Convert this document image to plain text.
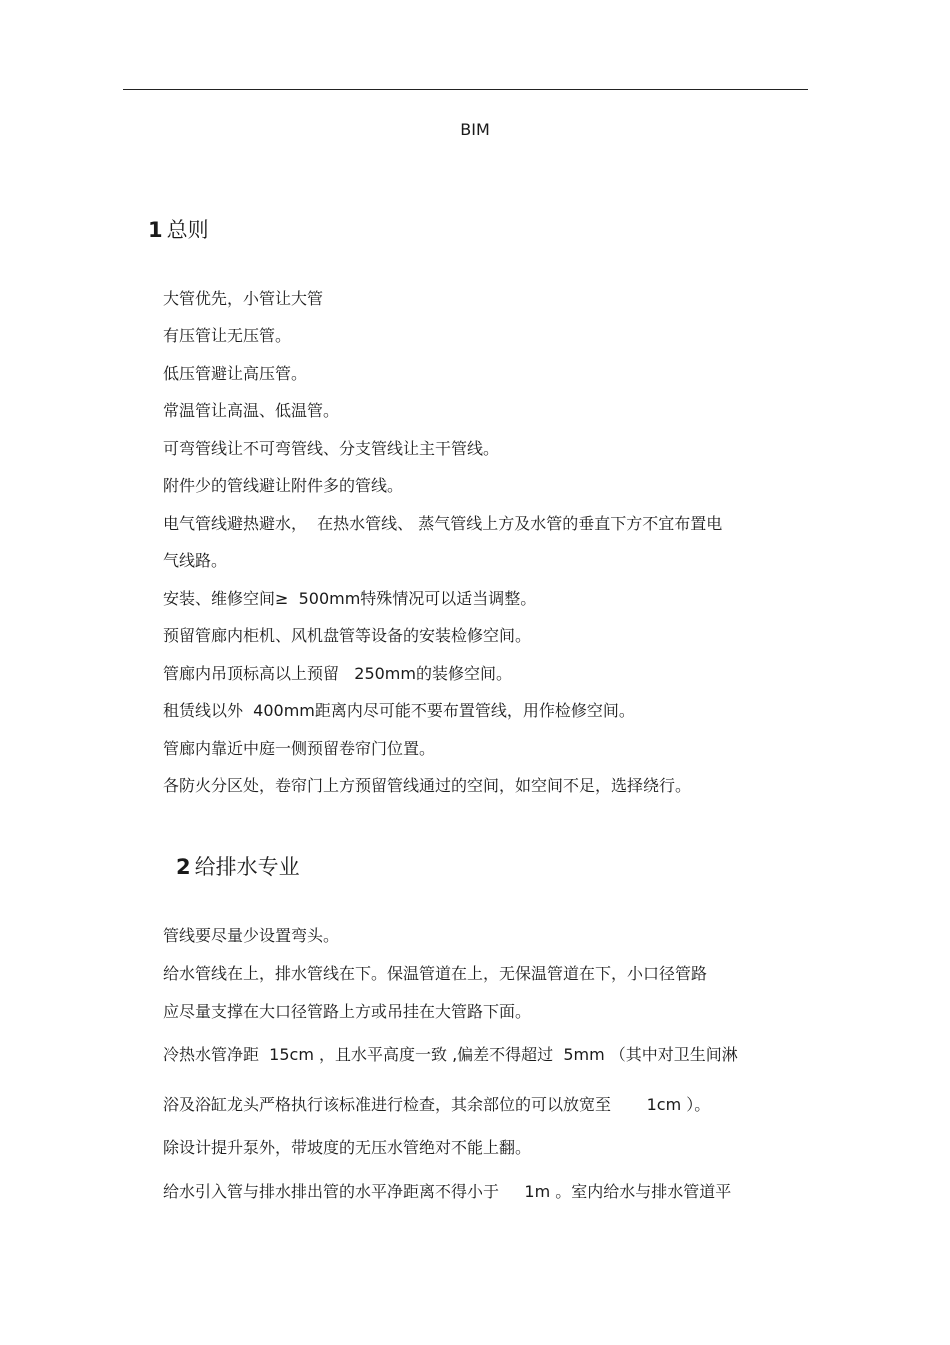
BIM
1 总则
大管优先，小管让大管
有压管让无压管。
低压管避让高压管。
常温管让高温、低温管。
可弯管线让不可弯管线、分支管线让主干管线。
附件少的管线避让附件多的管线。
电气管线避热避水，  在热水管线、 蒸气管线上方及水管的垂直下方不宜布置电
气线路。
安装、维修空间≥  500mm特殊情况可以适当调整。
预留管廊内柜机、风机盘管等设备的安装检修空间。
管廊内吊顶标高以上预留   250mm的装修空间。
租赁线以外  400mm距离内尽可能不要布置管线，用作检修空间。
管廊内靠近中庭一侧预留卷帘门位置。
各防火分区处，卷帘门上方预留管线通过的空间，如空间不足，选择绕行。
2 给排水专业
管线要尽量少设置弯头。
给水管线在上，排水管线在下。保温管道在上，无保温管道在下，小口径管路
应尽量支撑在大口径管路上方或吊挂在大管路下面。
冷热水管净距  15cm ，且水平高度一致 ,偏差不得超过  5mm （其中对卫生间淋
浴及浴缸龙头严格执行该标准进行检查，其余部位的可以放宽至       1cm ）。
除设计提升泵外，带坡度的无压水管绝对不能上翻。
给水引入管与排水排出管的水平净距离不得小于     1m 。室内给水与排水管道平
